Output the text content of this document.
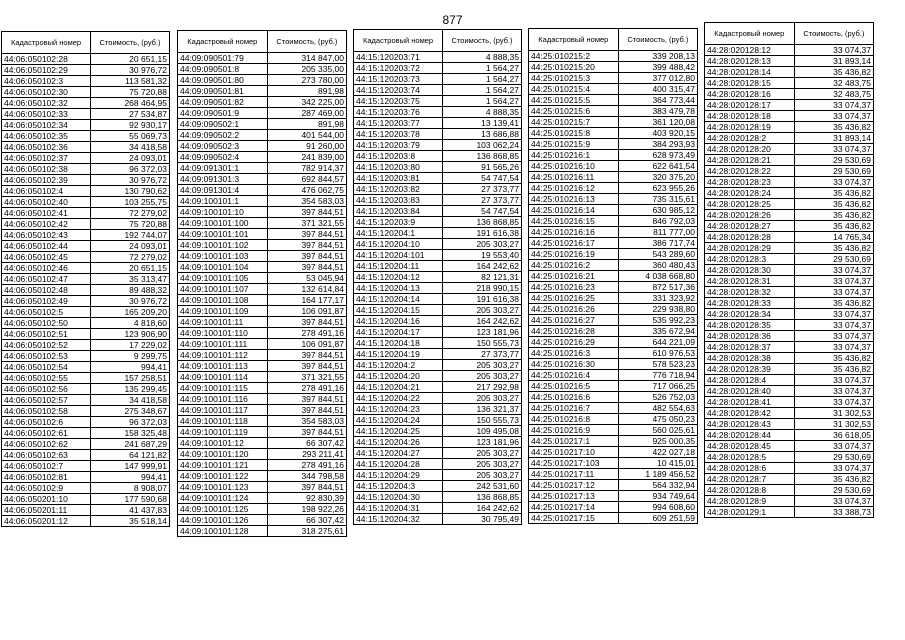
877
Кадастровый номер	Стоимость, (руб.)
44:06:050102:28	20 651,15
44:06:050102:29	30 976,72
44:06:050102:3	113 581,32
44:06:050102:30	75 720,88
44:06:050102:32	268 464,95
44:06:050102:33	27 534,87
44:06:050102:34	92 930,17
44:06:050102:35	55 069,73
44:06:050102:36	34 418,58
44:06:050102:37	24 093,01
44:06:050102:38	96 372,03
44:06:050102:39	30 976,72
44:06:050102:4	130 790,62
44:06:050102:40	103 255,75
44:06:050102:41	72 279,02
44:06:050102:42	75 720,88
44:06:050102:43	192 744,07
44:06:050102:44	24 093,01
44:06:050102:45	72 279,02
44:06:050102:46	20 651,15
44:06:050102:47	35 313,47
44:06:050102:48	89 488,32
44:06:050102:49	30 976,72
44:06:050102:5	165 209,20
44:06:050102:50	4 818,60
44:06:050102:51	123 906,90
44:06:050102:52	17 229,02
44:06:050102:53	9 299,75
44:06:050102:54	994,41
44:06:050102:55	157 258,51
44:06:050102:56	135 299,45
44:06:050102:57	34 418,58
44:06:050102:58	275 348,67
44:06:050102:6	96 372,03
44:06:050102:61	158 325,48
44:06:050102:62	241 687,29
44:06:050102:63	64 121,82
44:06:050102:7	147 999,91
44:06:050102:81	994,41
44:06:050102:9	8 908,07
44:06:050201:10	177 590,68
44:06:050201:11	41 437,83
44:06:050201:12	35 518,14
Кадастровый номер	Стоимость, (руб.)
44:09:090501:79	314 847,00
44:09:090501:8	205 335,00
44:09:090501:80	273 780,00
44:09:090501:81	891,98
44:09:090501:82	342 225,00
44:09:090501:9	287 469,00
44:09:090502:1	891,98
44:09:090502:2	401 544,00
44:09:090502:3	91 260,00
44:09:090502:4	241 839,00
44:09:091301:1	782 914,37
44:09:091301:3	692 844,57
44:09:091301:4	476 062,75
44:09:100101:1	354 583,03
44:09:100101:10	397 844,51
44:09:100101:100	371 321,55
44:09:100101:101	397 844,51
44:09:100101:102	397 844,51
44:09:100101:103	397 844,51
44:09:100101:104	397 844,51
44:09:100101:105	53 045,94
44:09:100101:107	132 614,84
44:09:100101:108	164 177,17
44:09:100101:109	106 091,87
44:09:100101:11	397 844,51
44:09:100101:110	278 491,16
44:09:100101:111	106 091,87
44:09:100101:112	397 844,51
44:09:100101:113	397 844,51
44:09:100101:114	371 321,55
44:09:100101:115	278 491,16
44:09:100101:116	397 844,51
44:09:100101:117	397 844,51
44:09:100101:118	354 583,03
44:09:100101:119	397 844,51
44:09:100101:12	66 307,42
44:09:100101:120	293 211,41
44:09:100101:121	278 491,16
44:09:100101:122	344 798,58
44:09:100101:123	397 844,51
44:09:100101:124	92 830,39
44:09:100101:125	198 922,26
44:09:100101:126	66 307,42
44:09:100101:128	318 275,61
Кадастровый номер	Стоимость, (руб.)
44:15:120203:71	4 888,35
44:15:120203:72	1 564,27
44:15:120203:73	1 564,27
44:15:120203:74	1 564,27
44:15:120203:75	1 564,27
44:15:120203:76	4 888,35
44:15:120203:77	13 139,41
44:15:120203:78	13 686,88
44:15:120203:79	103 062,24
44:15:120203:8	136 868,85
44:15:120203:80	91 565,26
44:15:120203:81	54 747,54
44:15:120203:82	27 373,77
44:15:120203:83	27 373,77
44:15:120203:84	54 747,54
44:15:120203:9	136 868,85
44:15:120204:1	191 616,38
44:15:120204:10	205 303,27
44:15:120204:101	19 553,40
44:15:120204:11	164 242,62
44:15:120204:12	82 121,31
44:15:120204:13	218 990,15
44:15:120204:14	191 616,38
44:15:120204:15	205 303,27
44:15:120204:16	164 242,62
44:15:120204:17	123 181,96
44:15:120204:18	150 555,73
44:15:120204:19	27 373,77
44:15:120204:2	205 303,27
44:15:120204:20	205 303,27
44:15:120204:21	217 292,98
44:15:120204:22	205 303,27
44:15:120204:23	136 321,37
44:15:120204:24	150 555,73
44:15:120204:25	109 495,08
44:15:120204:26	123 181,96
44:15:120204:27	205 303,27
44:15:120204:28	205 303,27
44:15:120204:29	205 303,27
44:15:120204:3	242 531,60
44:15:120204:30	136 868,85
44:15:120204:31	164 242,62
44:15:120204:32	30 795,49
Кадастровый номер	Стоимость, (руб.)
44:25:010215:2	339 208,13
44:25:010215:20	399 488,42
44:25:010215:3	377 012,80
44:25:010215:4	400 315,47
44:25:010215:5	364 773,44
44:25:010215:6	383 479,78
44:25:010215:7	361 120,08
44:25:010215:8	403 920,15
44:25:010215:9	384 293,93
44:25:010216:1	628 973,49
44:25:010216:10	622 641,54
44:25:010216:11	320 375,20
44:25:010216:12	623 955,26
44:25:010216:13	735 315,61
44:25:010216:14	630 985,12
44:25:010216:15	846 792,03
44:25:010216:16	811 777,00
44:25:010216:17	386 717,74
44:25:010216:19	543 289,60
44:25:010216:2	360 480,43
44:25:010216:21	4 038 668,80
44:25:010216:23	872 517,36
44:25:010216:25	331 323,92
44:25:010216:26	229 938,80
44:25:010216:27	535 992,23
44:25:010216:28	335 672,94
44:25:010216:29	644 221,09
44:25:010216:3	610 976,53
44:25:010216:30	578 523,23
44:25:010216:4	776 718,94
44:25:010216:5	717 066,25
44:25:010216:6	526 752,03
44:25:010216:7	482 554,63
44:25:010216:8	475 050,23
44:25:010216:9	560 025,61
44:25:010217:1	925 000,35
44:25:010217:10	422 027,18
44:25:010217:103	10 415,01
44:25:010217:11	1 189 456,52
44:25:010217:12	564 332,94
44:25:010217:13	934 749,64
44:25:010217:14	994 608,60
44:25:010217:15	609 251,59
Кадастровый номер	Стоимость, (руб.)
44:28:020128:12	33 074,37
44:28:020128:13	31 893,14
44:28:020128:14	35 436,82
44:28:020128:15	32 483,75
44:28:020128:16	32 483,75
44:28:020128:17	33 074,37
44:28:020128:18	33 074,37
44:28:020128:19	35 436,82
44:28:020128:2	31 893,14
44:28:020128:20	33 074,37
44:28:020128:21	29 530,69
44:28:020128:22	29 530,69
44:28:020128:23	33 074,37
44:28:020128:24	35 436,82
44:28:020128:25	35 436,82
44:28:020128:26	35 436,82
44:28:020128:27	35 436,82
44:28:020128:28	14 765,34
44:28:020128:29	35 436,82
44:28:020128:3	29 530,69
44:28:020128:30	33 074,37
44:28:020128:31	33 074,37
44:28:020128:32	33 074,37
44:28:020128:33	35 436,82
44:28:020128:34	33 074,37
44:28:020128:35	33 074,37
44:28:020128:36	33 074,37
44:28:020128:37	33 074,37
44:28:020128:38	35 436,82
44:28:020128:39	35 436,82
44:28:020128:4	33 074,37
44:28:020128:40	33 074,37
44:28:020128:41	33 074,37
44:28:020128:42	31 302,53
44:28:020128:43	31 302,53
44:28:020128:44	36 618,05
44:28:020128:45	33 074,37
44:28:020128:5	29 530,69
44:28:020128:6	33 074,37
44:28:020128:7	35 436,82
44:28:020128:8	29 530,69
44:28:020128:9	33 074,37
44:28:020129:1	33 388,73
